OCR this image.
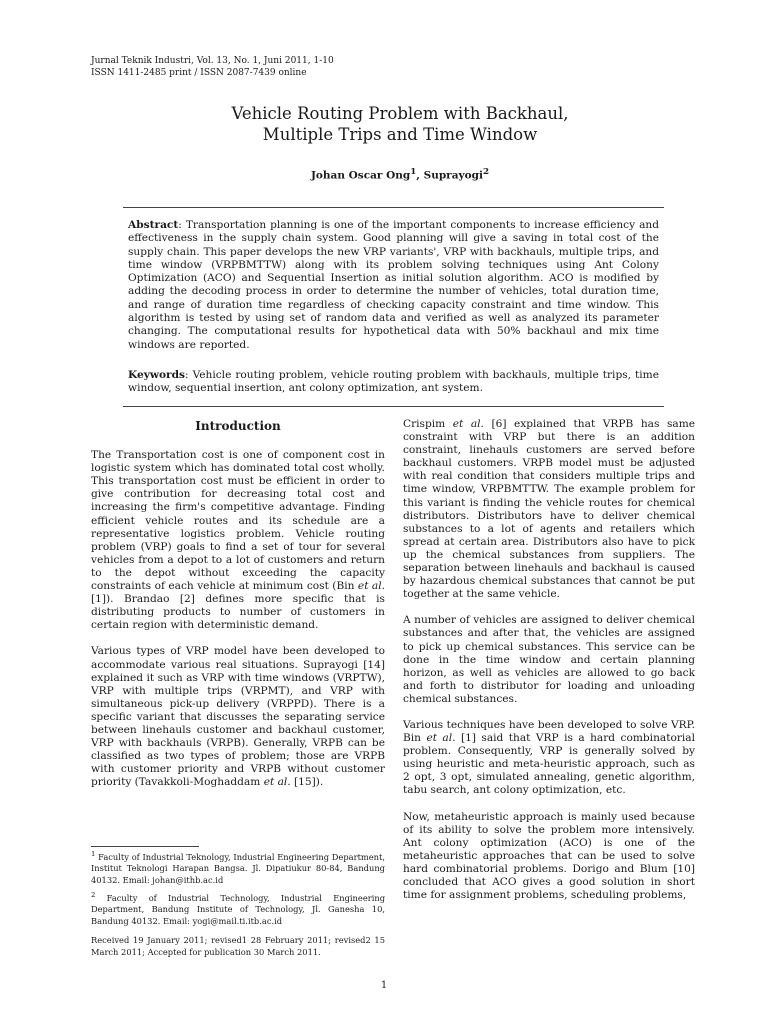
Jurnal Teknik Industri, Vol. 13, No. 1, Juni 2011, 1-10
ISSN 1411-2485 print / ISSN 2087-7439 online
Vehicle Routing Problem with Backhaul,
Multiple Trips and Time Window
Johan Oscar Ong$^1$, Suprayogi$^2$
Abstract: Transportation planning is one of the important components to increase efficiency and effectiveness in the supply chain system. Good planning will give a saving in total cost of the supply chain. This paper develops the new VRP variants', VRP with backhauls, multiple trips, and time window (VRPBMTTW) along with its problem solving techniques using Ant Colony Optimization (ACO) and Sequential Insertion as initial solution algorithm. ACO is modified by adding the decoding process in order to determine the number of vehicles, total duration time, and range of duration time regardless of checking capacity constraint and time window. This algorithm is tested by using set of random data and verified as well as analyzed its parameter changing. The computational results for hypothetical data with 50% backhaul and mix time windows are reported.
Keywords: Vehicle routing problem, vehicle routing problem with backhauls, multiple trips, time window, sequential insertion, ant colony optimization, ant system.
Introduction

The Transportation cost is one of component cost in logistic system which has dominated total cost wholly. This transportation cost must be efficient in order to give contribution for decreasing total cost and increasing the firm's competitive advantage. Finding efficient vehicle routes and its schedule are a representative logistics problem. Vehicle routing problem (VRP) goals to find a set of tour for several vehicles from a depot to a lot of customers and return to the depot without exceeding the capacity constraints of each vehicle at minimum cost (Bin et al. [1]). Brandao [2] defines more specific that is distributing products to number of customers in certain region with deterministic demand.

Various types of VRP model have been developed to accommodate various real situations. Suprayogi [14] explained it such as VRP with time windows (VRPTW), VRP with multiple trips (VRPMT), and VRP with simultaneous pick-up delivery (VRPPD). There is a specific variant that discusses the separating service between linehauls customer and backhaul customer, VRP with backhauls (VRPB). Generally, VRPB can be classified as two types of problem; those are VRPB with customer priority and VRPB without customer priority (Tavakkoli-Moghaddam et al. [15]).

$^1$ Faculty of Industrial Teknology, Industrial Engineering Department, Institut Teknologi Harapan Bangsa. Jl. Dipatiukur 80-84, Bandung 40132. Email: johan@ithb.ac.id
$^2$ Faculty of Industrial Technology, Industrial Engineering Department, Bandung Institute of Technology, Jl. Ganesha 10, Bandung 40132. Email: yogi@mail.ti.itb.ac.id
Received 19 January 2011; revised1 28 February 2011; revised2 15 March 2011; Accepted for publication 30 March 2011.

Crispim et al. [6] explained that VRPB has same constraint with VRP but there is an addition constraint, linehauls customers are served before backhaul customers. VRPB model must be adjusted with real condition that considers multiple trips and time window, VRPBMTTW. The example problem for this variant is finding the vehicle routes for chemical distributors. Distributors have to deliver chemical substances to a lot of agents and retailers which spread at certain area. Distributors also have to pick up the chemical substances from suppliers. The separation between linehauls and backhaul is caused by hazardous chemical substances that cannot be put together at the same vehicle.

A number of vehicles are assigned to deliver chemical substances and after that, the vehicles are assigned to pick up chemical substances. This service can be done in the time window and certain planning horizon, as well as vehicles are allowed to go back and forth to distributor for loading and unloading chemical substances.

Various techniques have been developed to solve VRP. Bin et al. [1] said that VRP is a hard combinatorial problem. Consequently, VRP is generally solved by using heuristic and meta-heuristic approach, such as 2 opt, 3 opt, simulated annealing, genetic algorithm, tabu search, ant colony optimization, etc.

Now, metaheuristic approach is mainly used because of its ability to solve the problem more intensively. Ant colony optimization (ACO) is one of the metaheuristic approaches that can be used to solve hard combinatorial problems. Dorigo and Blum [10] concluded that ACO gives a good solution in short time for assignment problems, scheduling problems,

1
